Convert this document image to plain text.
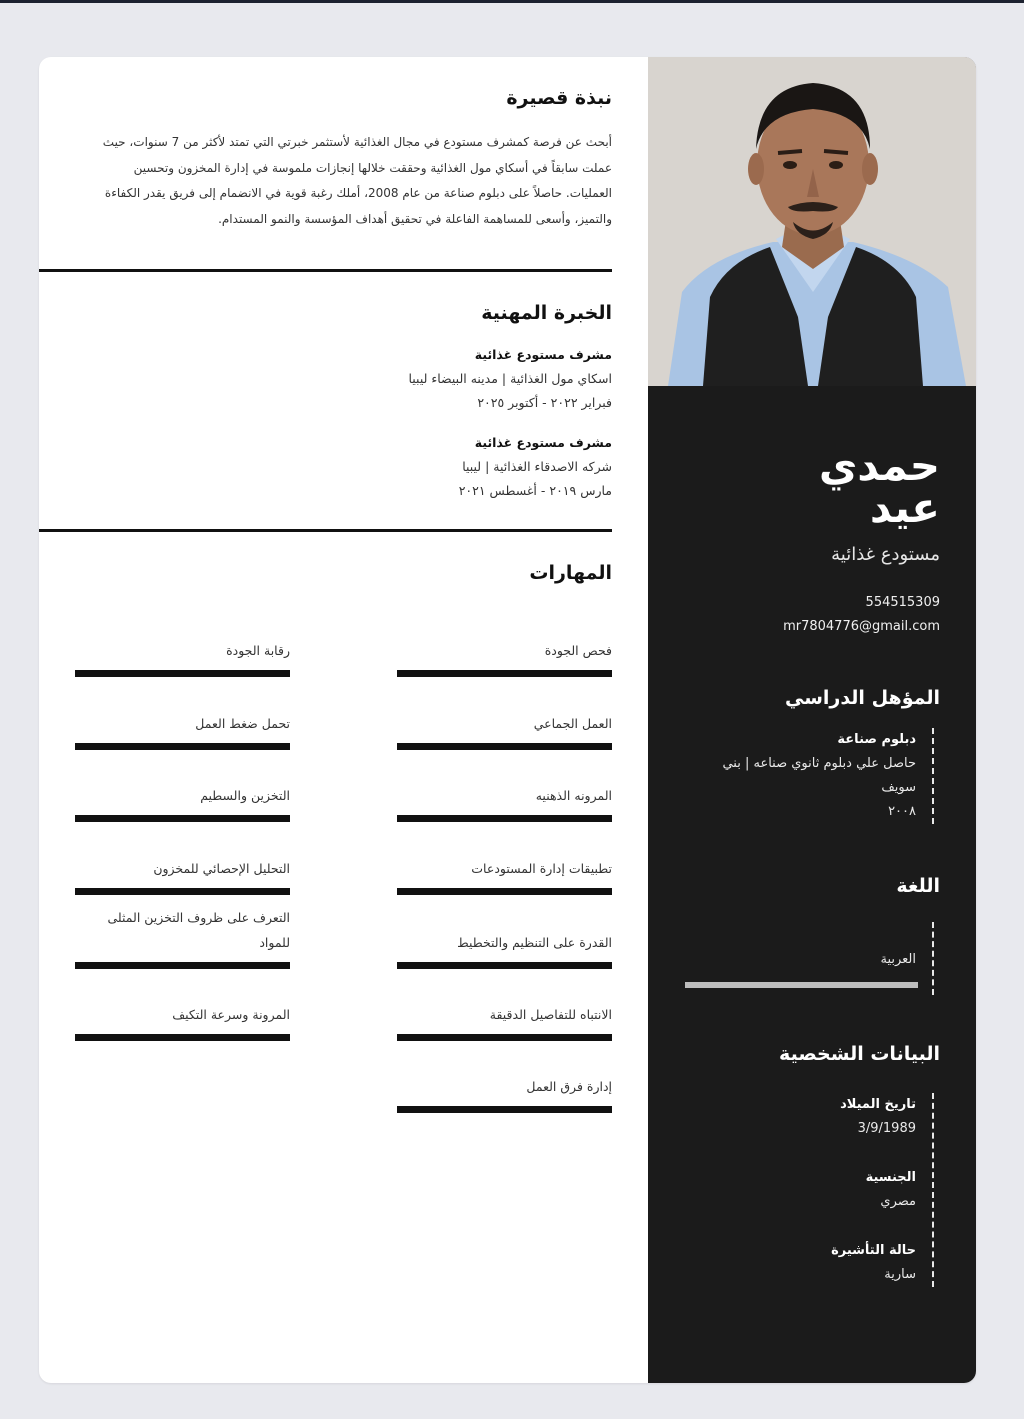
نبذة قصيرة
أبحث عن فرصة كمشرف مستودع في مجال الغذائية لأستثمر خبرتي التي تمتد لأكثر من 7 سنوات، حيث عملت سابقاً في أسكاي مول الغذائية وحققت خلالها إنجازات ملموسة في إدارة المخزون وتحسين العمليات. حاصلاً على دبلوم صناعة من عام 2008، أملك رغبة قوية في الانضمام إلى فريق يقدر الكفاءة والتميز، وأسعى للمساهمة الفاعلة في تحقيق أهداف المؤسسة والنمو المستدام.
الخبرة المهنية
مشرف مستودع غذائية
اسكاي مول الغذائية | مدينه البيضاء ليبيا
فبراير ٢٠٢٢ - أكتوبر ٢٠٢٥
مشرف مستودع غذائية
شركه الاصدقاء الغذائية | ليبيا
مارس ٢٠١٩ - أغسطس ٢٠٢١
المهارات
فحص الجودة
رقابة الجودة
العمل الجماعي
تحمل ضغط العمل
المرونه الذهنيه
التخزين والسطيم
تطبيقات إدارة المستودعات
التحليل الإحصائي للمخزون
القدرة على التنظيم والتخطيط
التعرف على ظروف التخزين المثلى للمواد
الانتباه للتفاصيل الدقيقة
المرونة وسرعة التكيف
إدارة فرق العمل
حمدي
عيد
مستودع غذائية
554515309
mr7804776@gmail.com
المؤهل الدراسي
دبلوم صناعة
حاصل علي دبلوم ثانوي صناعه | بني
سويف
٢٠٠٨
اللغة
العربية
البيانات الشخصية
تاريخ الميلاد
3/9/1989
الجنسية
مصري
حالة التأشيرة
سارية
